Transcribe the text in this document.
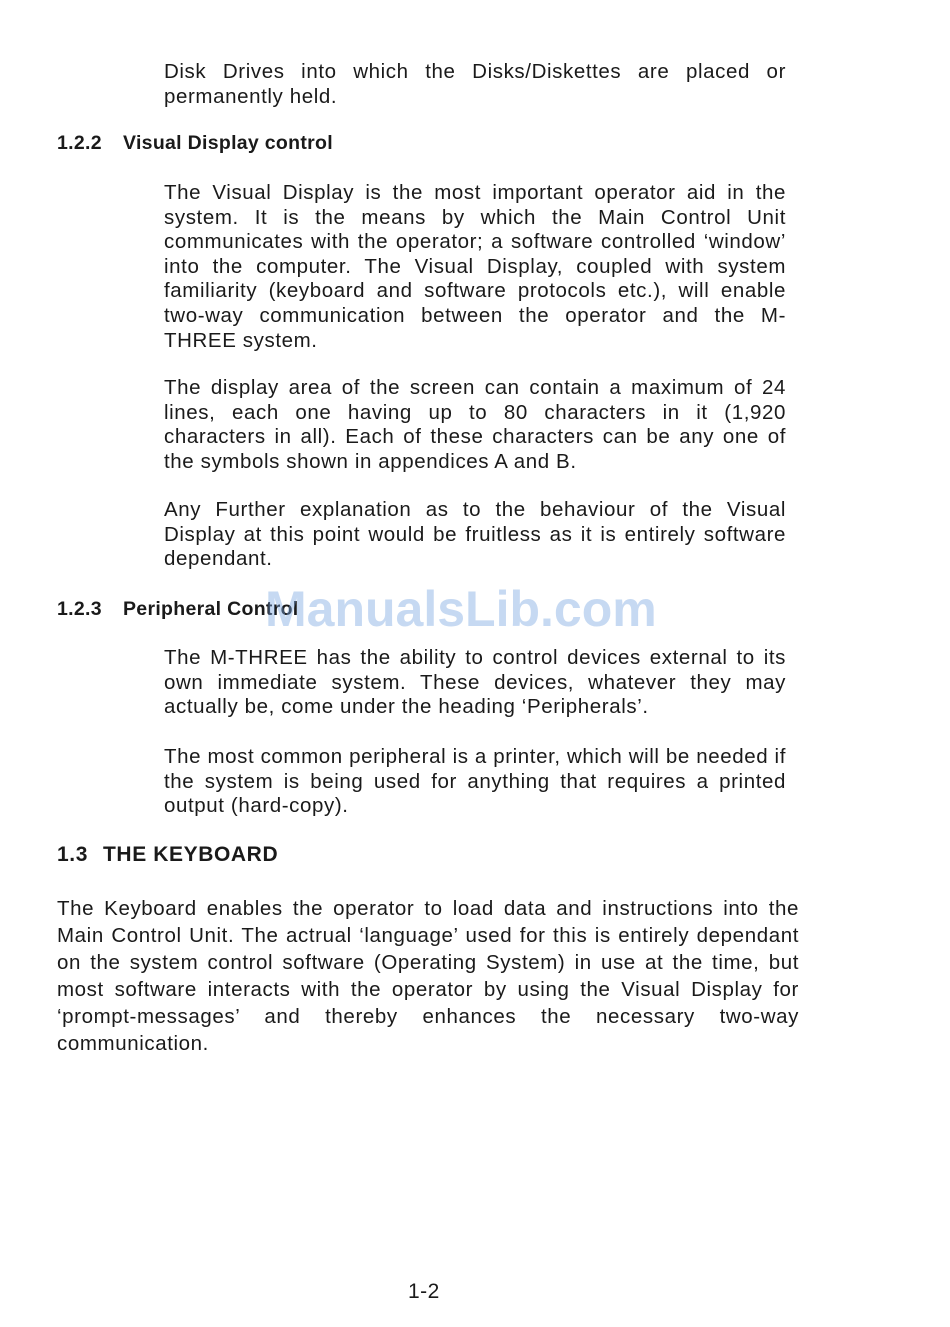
Disk Drives into which the Disks/Diskettes are placed or permanently held.

1.2.2 Visual Display control

The Visual Display is the most important operator aid in the system. It is the means by which the Main Control Unit communicates with the operator; a software controlled ‘window’ into the computer. The Visual Display, coupled with system familiarity (keyboard and software protocols etc.), will enable two-way communication between the operator and the M-THREE system.

The display area of the screen can contain a maximum of 24 lines, each one having up to 80 characters in it (1,920 characters in all). Each of these characters can be any one of the symbols shown in appendices A and B.

Any Further explanation as to the behaviour of the Visual Display at this point would be fruitless as it is entirely software dependant.

1.2.3 Peripheral Control

The M-THREE has the ability to control devices external to its own immediate system. These devices, whatever they may actually be, come under the heading ‘Peripherals’.

The most common peripheral is a printer, which will be needed if the system is being used for anything that requires a printed output (hard-copy).

1.3 THE KEYBOARD

The Keyboard enables the operator to load data and instructions into the Main Control Unit. The actrual ‘language’ used for this is entirely dependant on the system control software (Operating System) in use at the time, but most software interacts with the operator by using the Visual Display for ‘prompt-messages’ and thereby enhances the necessary two-way communication.

ManualsLib.com
1-2
